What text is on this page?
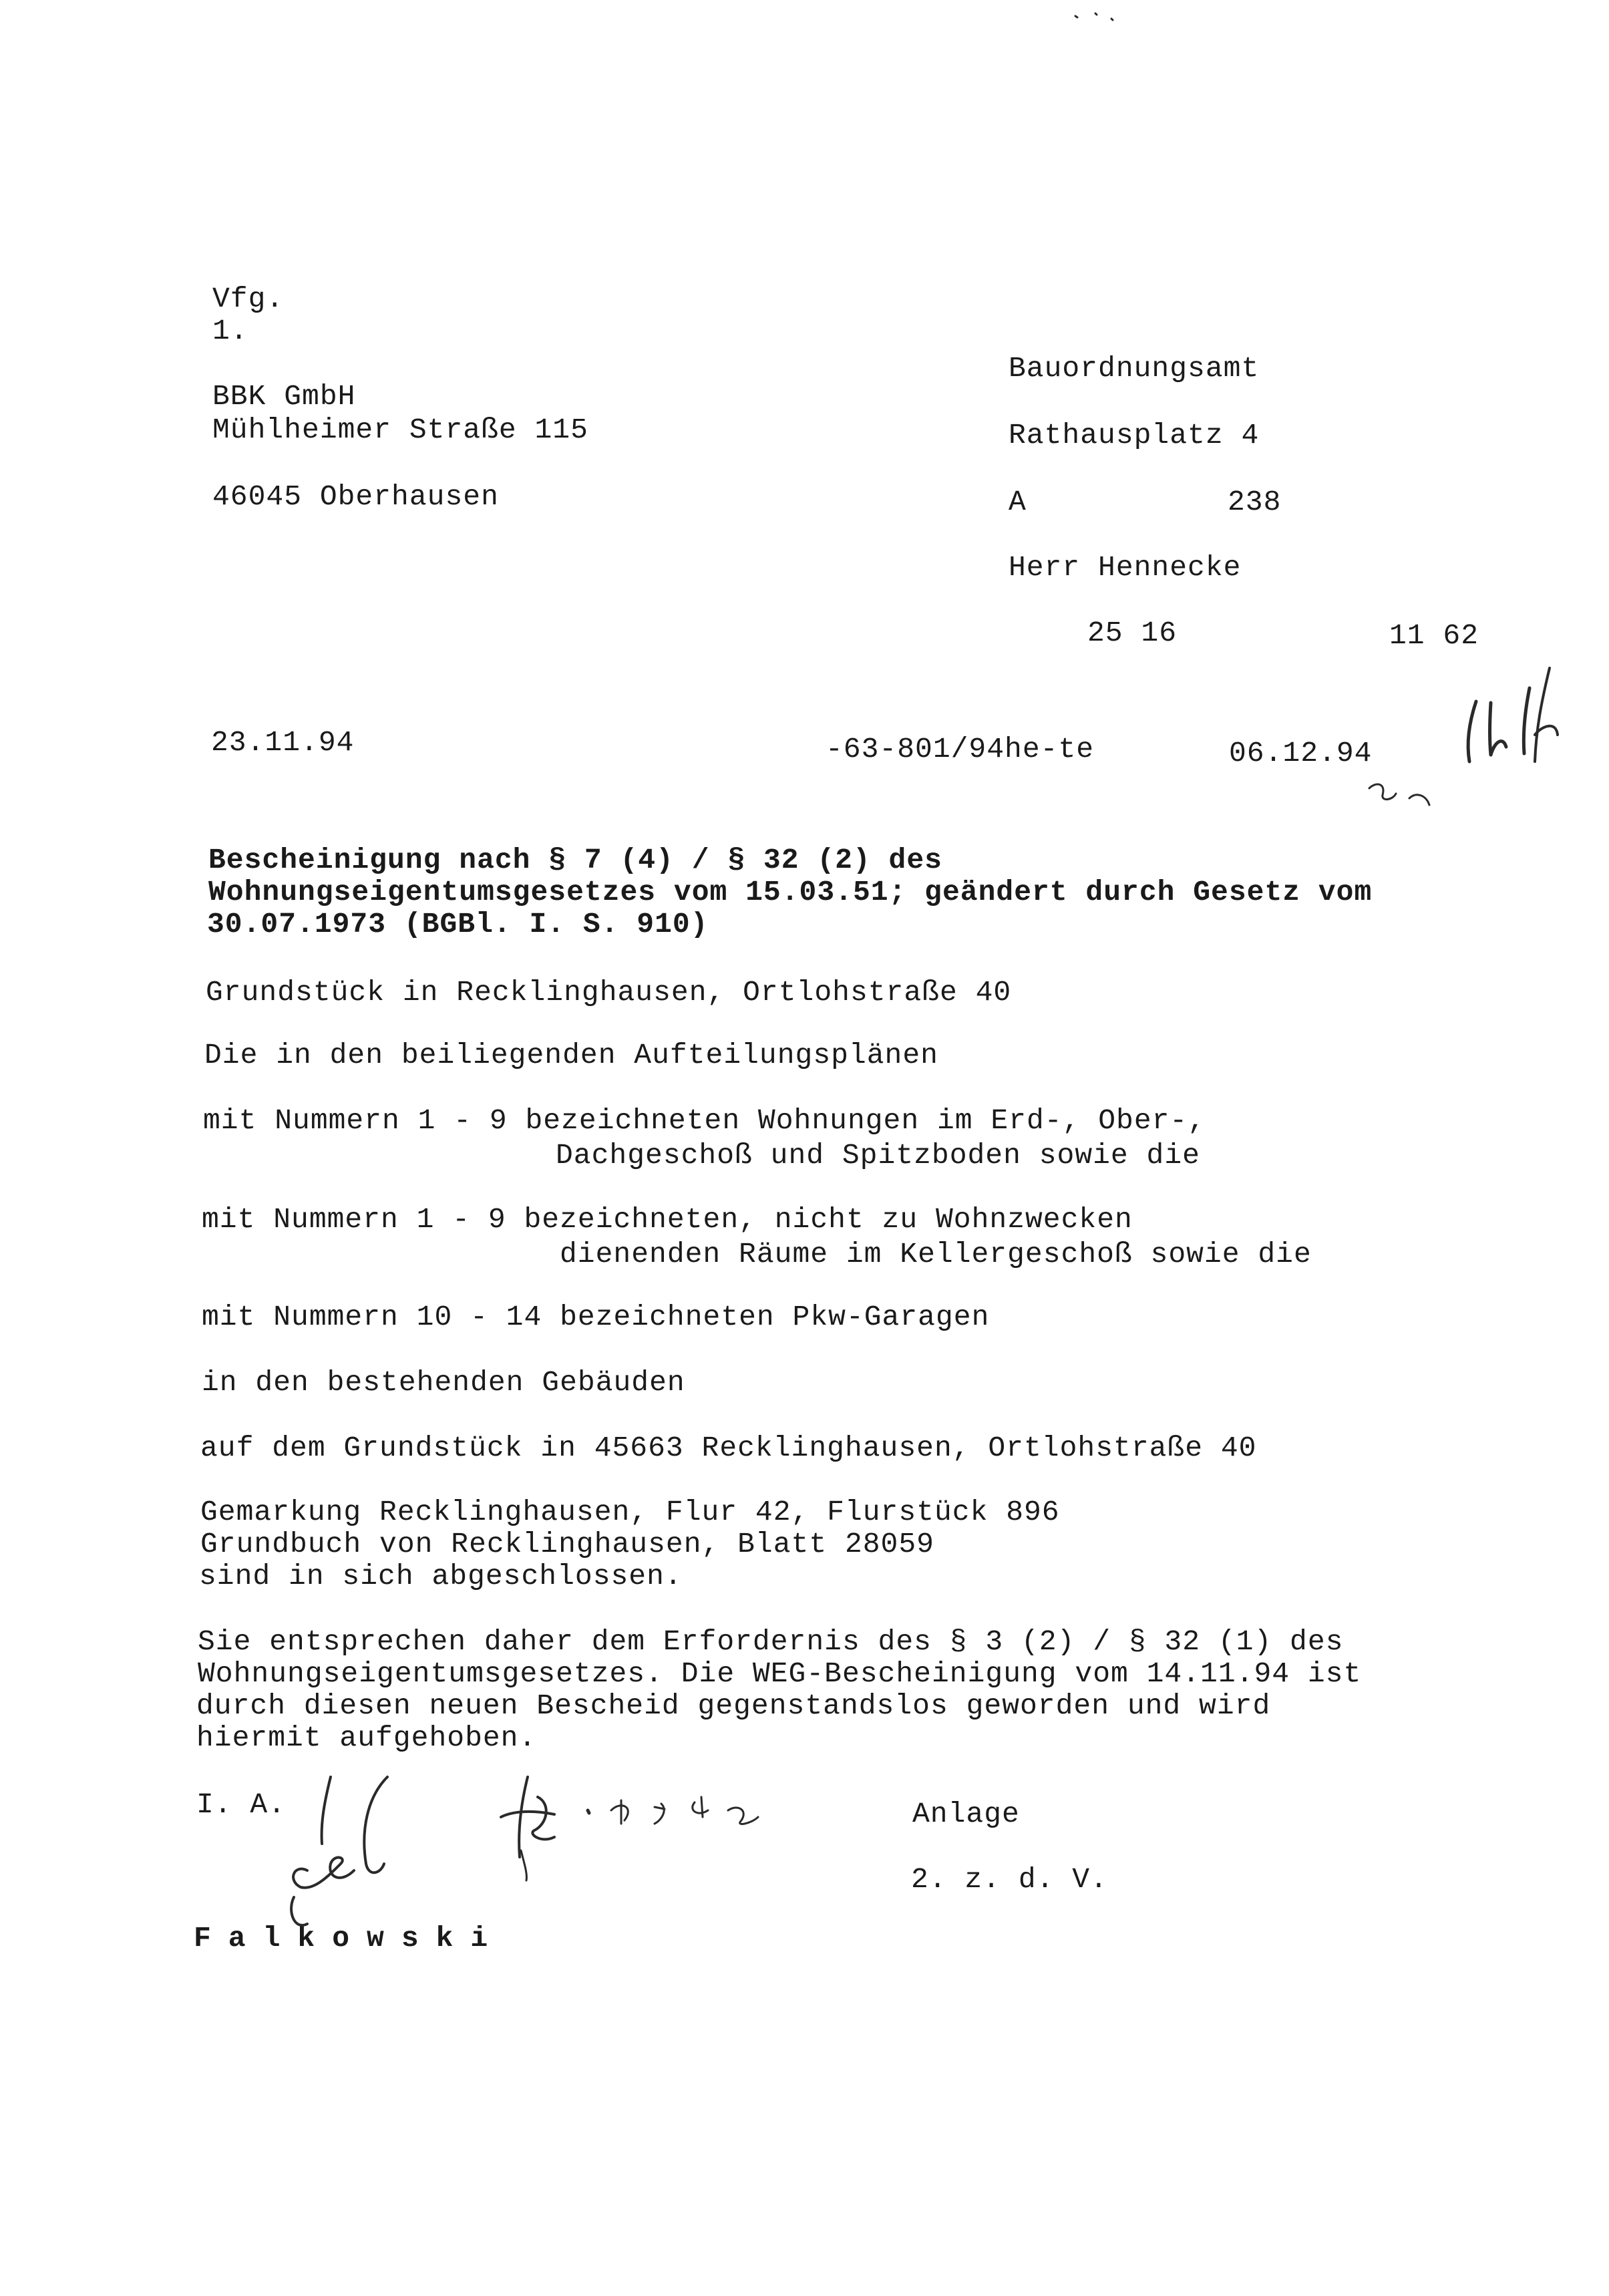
Vfg.
1.
BBK GmbH
Mühlheimer Straße 115
46045 Oberhausen
Bauordnungsamt
Rathausplatz 4
A	238
Herr Hennecke
25 16	11 62
23.11.94	-63-801/94he-te	06.12.94
Bescheinigung nach § 7 (4) / § 32 (2) des
Wohnungseigentumsgesetzes vom 15.03.51; geändert durch Gesetz vom
30.07.1973 (BGBl. I. S. 910)
Grundstück in Recklinghausen, Ortlohstraße 40
Die in den beiliegenden Aufteilungsplänen
mit Nummern 1 - 9 bezeichneten Wohnungen im Erd-, Ober-,
Dachgeschoß und Spitzboden sowie die
mit Nummern 1 - 9 bezeichneten, nicht zu Wohnzwecken
dienenden Räume im Kellergeschoß sowie die
mit Nummern 10 - 14 bezeichneten Pkw-Garagen
in den bestehenden Gebäuden
auf dem Grundstück in 45663 Recklinghausen, Ortlohstraße 40
Gemarkung Recklinghausen, Flur 42, Flurstück 896
Grundbuch von Recklinghausen, Blatt 28059
sind in sich abgeschlossen.
Sie entsprechen daher dem Erfordernis des § 3 (2) / § 32 (1) des
Wohnungseigentumsgesetzes. Die WEG-Bescheinigung vom 14.11.94 ist
durch diesen neuen Bescheid gegenstandslos geworden und wird
hiermit aufgehoben.
I. A.	Anlage
2. z. d. V.
Falkowski
